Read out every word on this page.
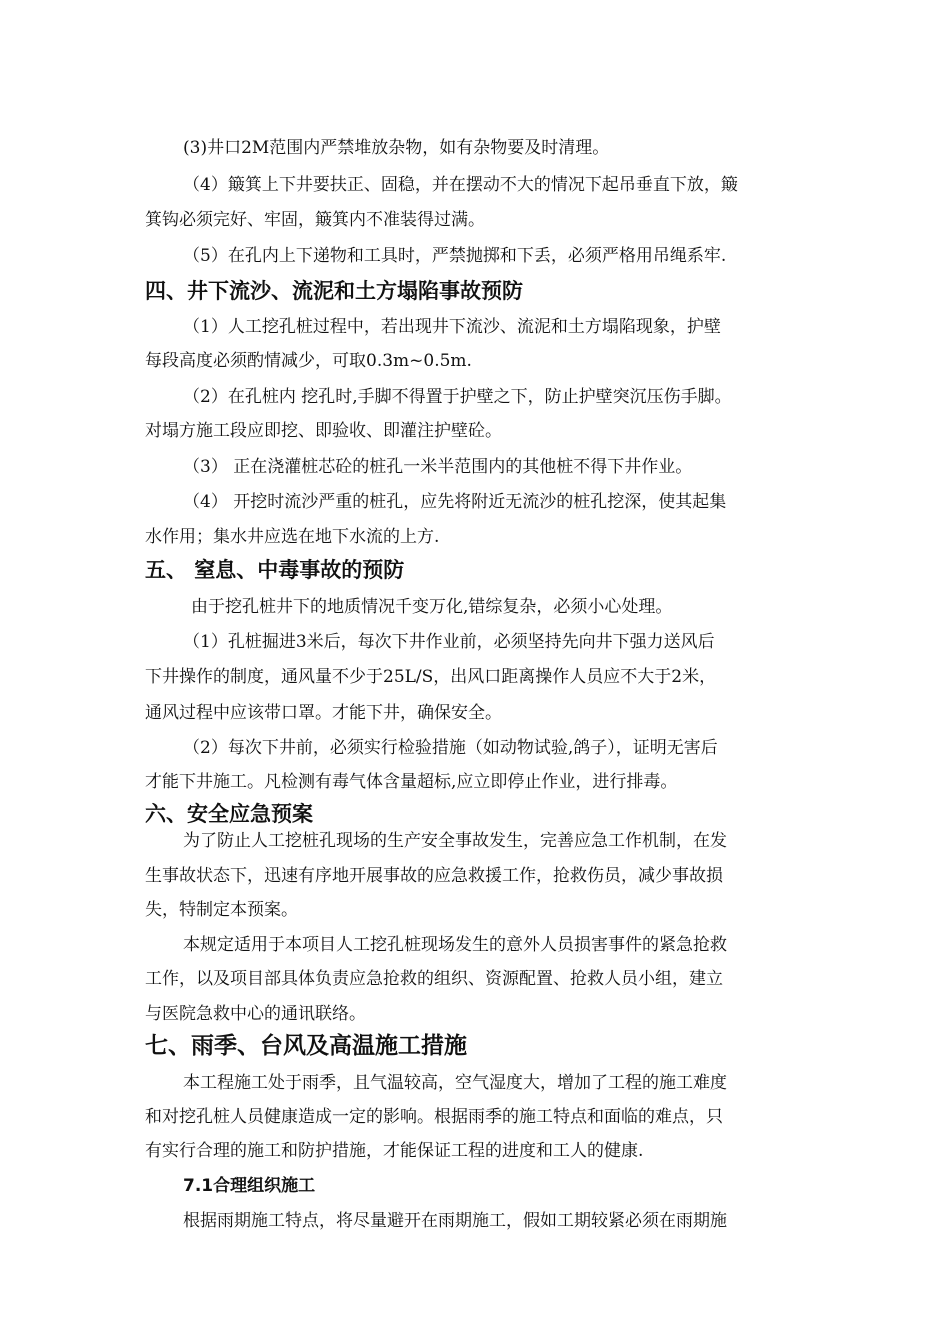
(3)井口2M范围内严禁堆放杂物，如有杂物要及时清理。
（4）簸箕上下井要扶正、固稳，并在摆动不大的情况下起吊垂直下放，簸
箕钩必须完好、牢固，簸箕内不准装得过满。
（5）在孔内上下递物和工具时，严禁抛掷和下丢，必须严格用吊绳系牢.
四、井下流沙、流泥和土方塌陷事故预防
（1）人工挖孔桩过程中，若出现井下流沙、流泥和土方塌陷现象，护壁
每段高度必须酌情减少，可取0.3m~0.5m.
（2）在孔桩内 挖孔时,手脚不得置于护壁之下，防止护壁突沉压伤手脚。
对塌方施工段应即挖、即验收、即灌注护壁砼。
（3） 正在浇灌桩芯砼的桩孔一米半范围内的其他桩不得下井作业。
（4） 开挖时流沙严重的桩孔，应先将附近无流沙的桩孔挖深，使其起集
水作用；集水井应选在地下水流的上方.
五、 窒息、中毒事故的预防
由于挖孔桩井下的地质情况千变万化,错综复杂，必须小心处理。
（1）孔桩掘进3米后，每次下井作业前，必须坚持先向井下强力送风后
下井操作的制度，通风量不少于25L/S，出风口距离操作人员应不大于2米，
通风过程中应该带口罩。才能下井，确保安全。
（2）每次下井前，必须实行检验措施（如动物试验,鸽子），证明无害后
才能下井施工。凡检测有毒气体含量超标,应立即停止作业，进行排毒。
六、安全应急预案
为了防止人工挖桩孔现场的生产安全事故发生，完善应急工作机制，在发
生事故状态下，迅速有序地开展事故的应急救援工作，抢救伤员，减少事故损
失，特制定本预案。
本规定适用于本项目人工挖孔桩现场发生的意外人员损害事件的紧急抢救
工作，以及项目部具体负责应急抢救的组织、资源配置、抢救人员小组，建立
与医院急救中心的通讯联络。
七、雨季、台风及高温施工措施
本工程施工处于雨季，且气温较高，空气湿度大，增加了工程的施工难度
和对挖孔桩人员健康造成一定的影响。根据雨季的施工特点和面临的难点，只
有实行合理的施工和防护措施，才能保证工程的进度和工人的健康.
7.1合理组织施工
根据雨期施工特点，将尽量避开在雨期施工，假如工期较紧必须在雨期施
